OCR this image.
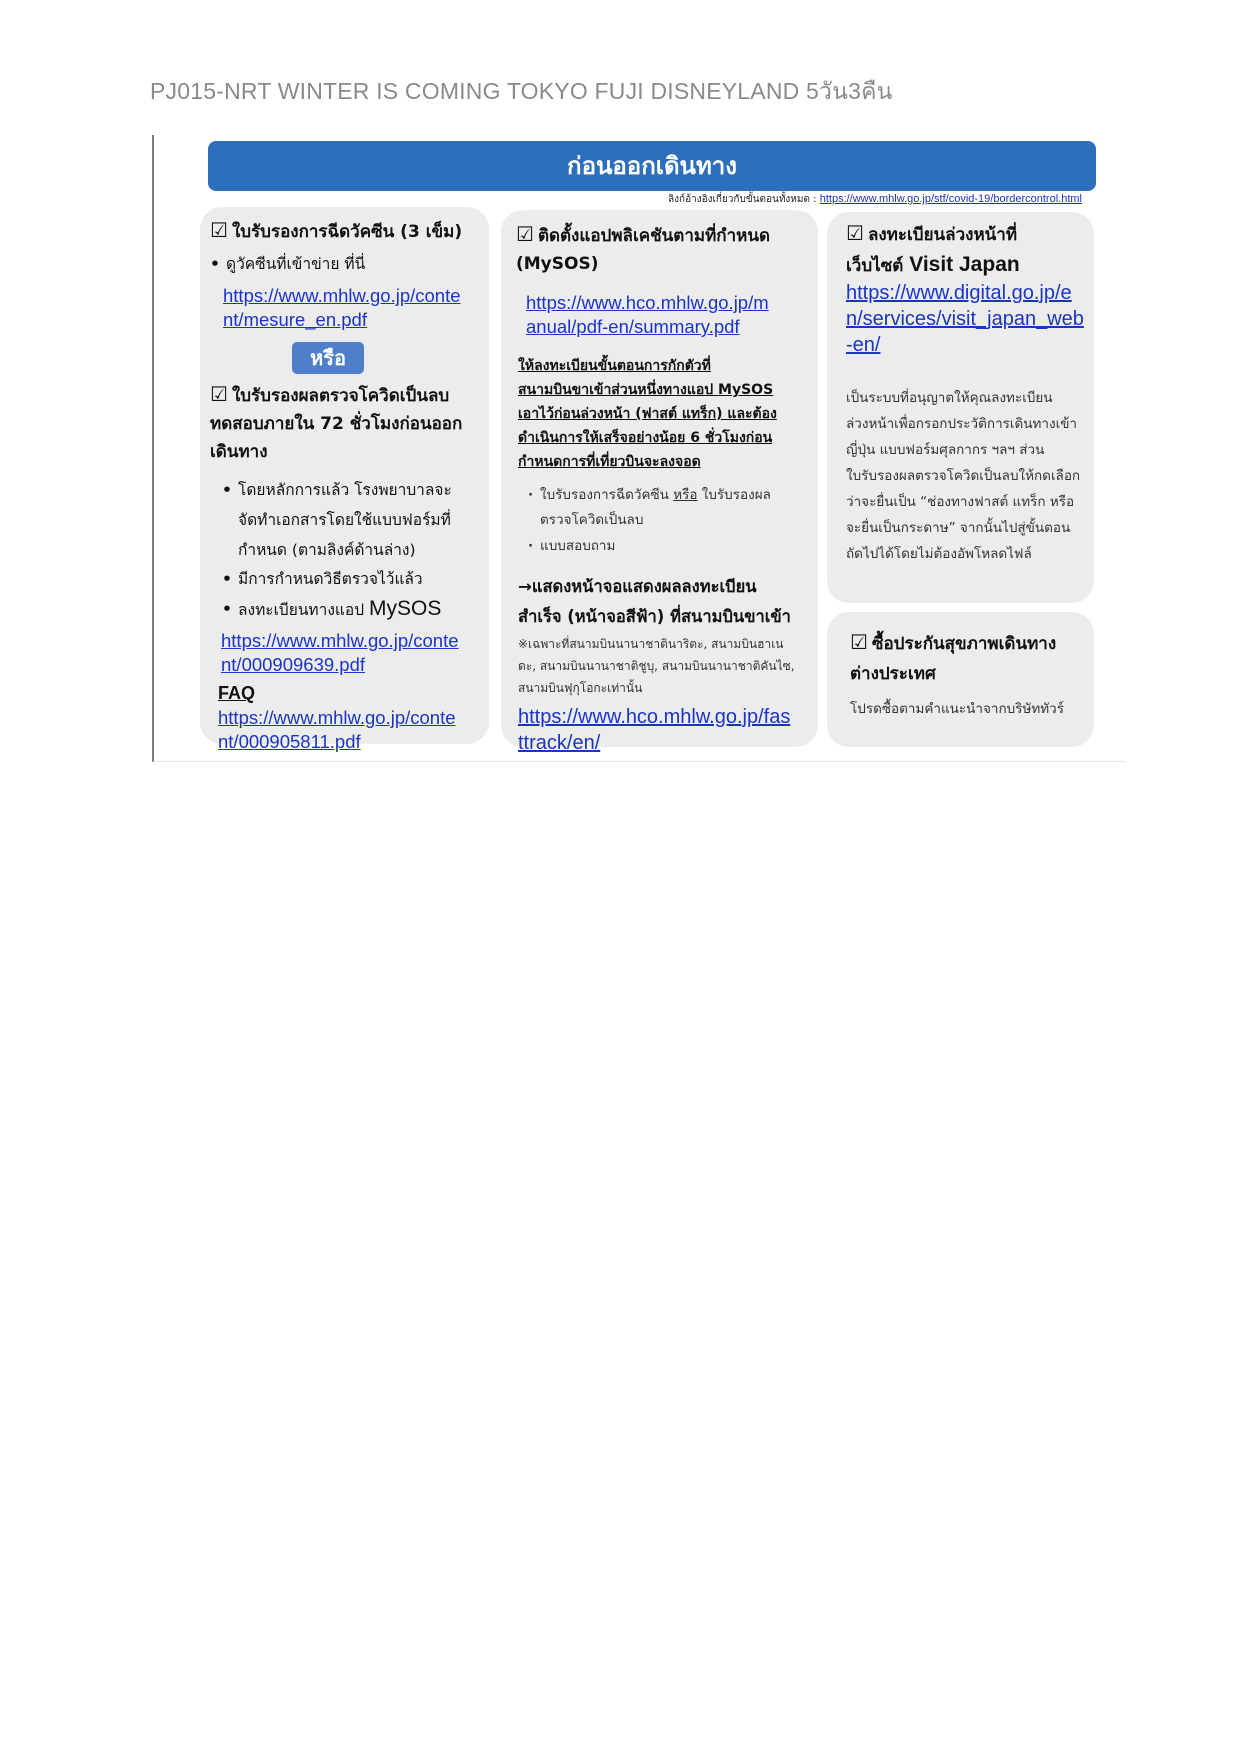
PJ015-NRT WINTER IS COMING TOKYO FUJI DISNEYLAND 5วัน3คืน
ก่อนออกเดินทาง
ลิงก์อ้างอิงเกี่ยวกับขั้นตอนทั้งหมด : https://www.mhlw.go.jp/stf/covid-19/bordercontrol.html
☑ ใบรับรองการฉีดวัคซีน (3 เข็ม)
• ดูวัคซีนที่เข้าข่าย ที่นี่
https://www.mhlw.go.jp/conte
nt/mesure_en.pdf
หรือ
☑ ใบรับรองผลตรวจโควิดเป็นลบ
ทดสอบภายใน 72 ชั่วโมงก่อนออก
เดินทาง
• โดยหลักการแล้ว โรงพยาบาลจะ
จัดทำเอกสารโดยใช้แบบฟอร์มที่
กำหนด (ตามลิงค์ด้านล่าง)
• มีการกำหนดวิธีตรวจไว้แล้ว
• ลงทะเบียนทางแอป MySOS
https://www.mhlw.go.jp/conte
nt/000909639.pdf
FAQ
https://www.mhlw.go.jp/conte
nt/000905811.pdf
☑ ติดตั้งแอปพลิเคชันตามที่กำหนด
(MySOS)
https://www.hco.mhlw.go.jp/m
anual/pdf-en/summary.pdf
ให้ลงทะเบียนขั้นตอนการกักตัวที่
สนามบินขาเข้าส่วนหนึ่งทางแอป MySOS
เอาไว้ก่อนล่วงหน้า (ฟาสต์ แทร็ก) และต้อง
ดำเนินการให้เสร็จอย่างน้อย 6 ชั่วโมงก่อน
กำหนดการที่เที่ยวบินจะลงจอด
· ใบรับรองการฉีดวัคซีน หรือ ใบรับรองผล
ตรวจโควิดเป็นลบ
· แบบสอบถาม
→แสดงหน้าจอแสดงผลลงทะเบียน
สำเร็จ (หน้าจอสีฟ้า) ที่สนามบินขาเข้า
※เฉพาะที่สนามบินนานาชาตินาริตะ, สนามบินฮาเน
ดะ, สนามบินนานาชาติชูบุ, สนามบินนานาชาติคันไซ,
สนามบินฟุกุโอกะเท่านั้น
https://www.hco.mhlw.go.jp/fas
ttrack/en/
☑ ลงทะเบียนล่วงหน้าที่
เว็บไซต์ Visit Japan
https://www.digital.go.jp/e
n/services/visit_japan_web
-en/
เป็นระบบที่อนุญาตให้คุณลงทะเบียน
ล่วงหน้าเพื่อกรอกประวัติการเดินทางเข้า
ญี่ปุ่น แบบฟอร์มศุลกากร ฯลฯ ส่วน
ใบรับรองผลตรวจโควิดเป็นลบให้กดเลือก
ว่าจะยื่นเป็น “ช่องทางฟาสต์ แทร็ก หรือ
จะยื่นเป็นกระดาษ” จากนั้นไปสู่ขั้นตอน
ถัดไปได้โดยไม่ต้องอัพโหลดไฟล์
☑ ซื้อประกันสุขภาพเดินทาง
ต่างประเทศ
โปรดซื้อตามคำแนะนำจากบริษัททัวร์
